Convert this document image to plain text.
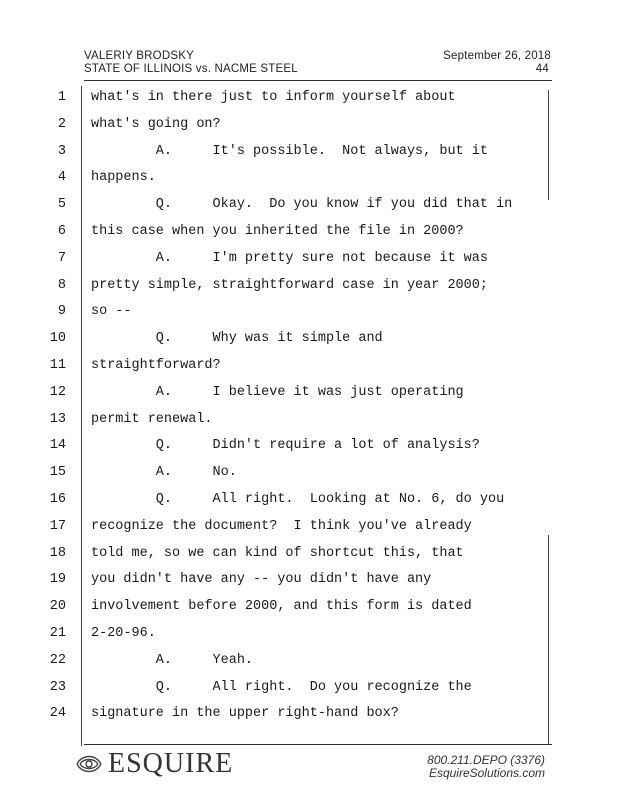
VALERIY BRODSKY
STATE OF ILLINOIS vs. NACME STEEL
September 26, 2018
44
1 what's in there just to inform yourself about
2 what's going on?
3 A.     It's possible.  Not always, but it
4 happens.
5 Q.     Okay.  Do you know if you did that in
6 this case when you inherited the file in 2000?
7 A.     I'm pretty sure not because it was
8 pretty simple, straightforward case in year 2000;
9 so --
10 Q.     Why was it simple and
11 straightforward?
12 A.     I believe it was just operating
13 permit renewal.
14 Q.     Didn't require a lot of analysis?
15 A.     No.
16 Q.     All right.  Looking at No. 6, do you
17 recognize the document?  I think you've already
18 told me, so we can kind of shortcut this, that
19 you didn't have any -- you didn't have any
20 involvement before 2000, and this form is dated
21 2-20-96.
22 A.     Yeah.
23 Q.     All right.  Do you recognize the
24 signature in the upper right-hand box?
ESQUIRE	800.211.DEPO (3376)
EsquireSolutions.com
